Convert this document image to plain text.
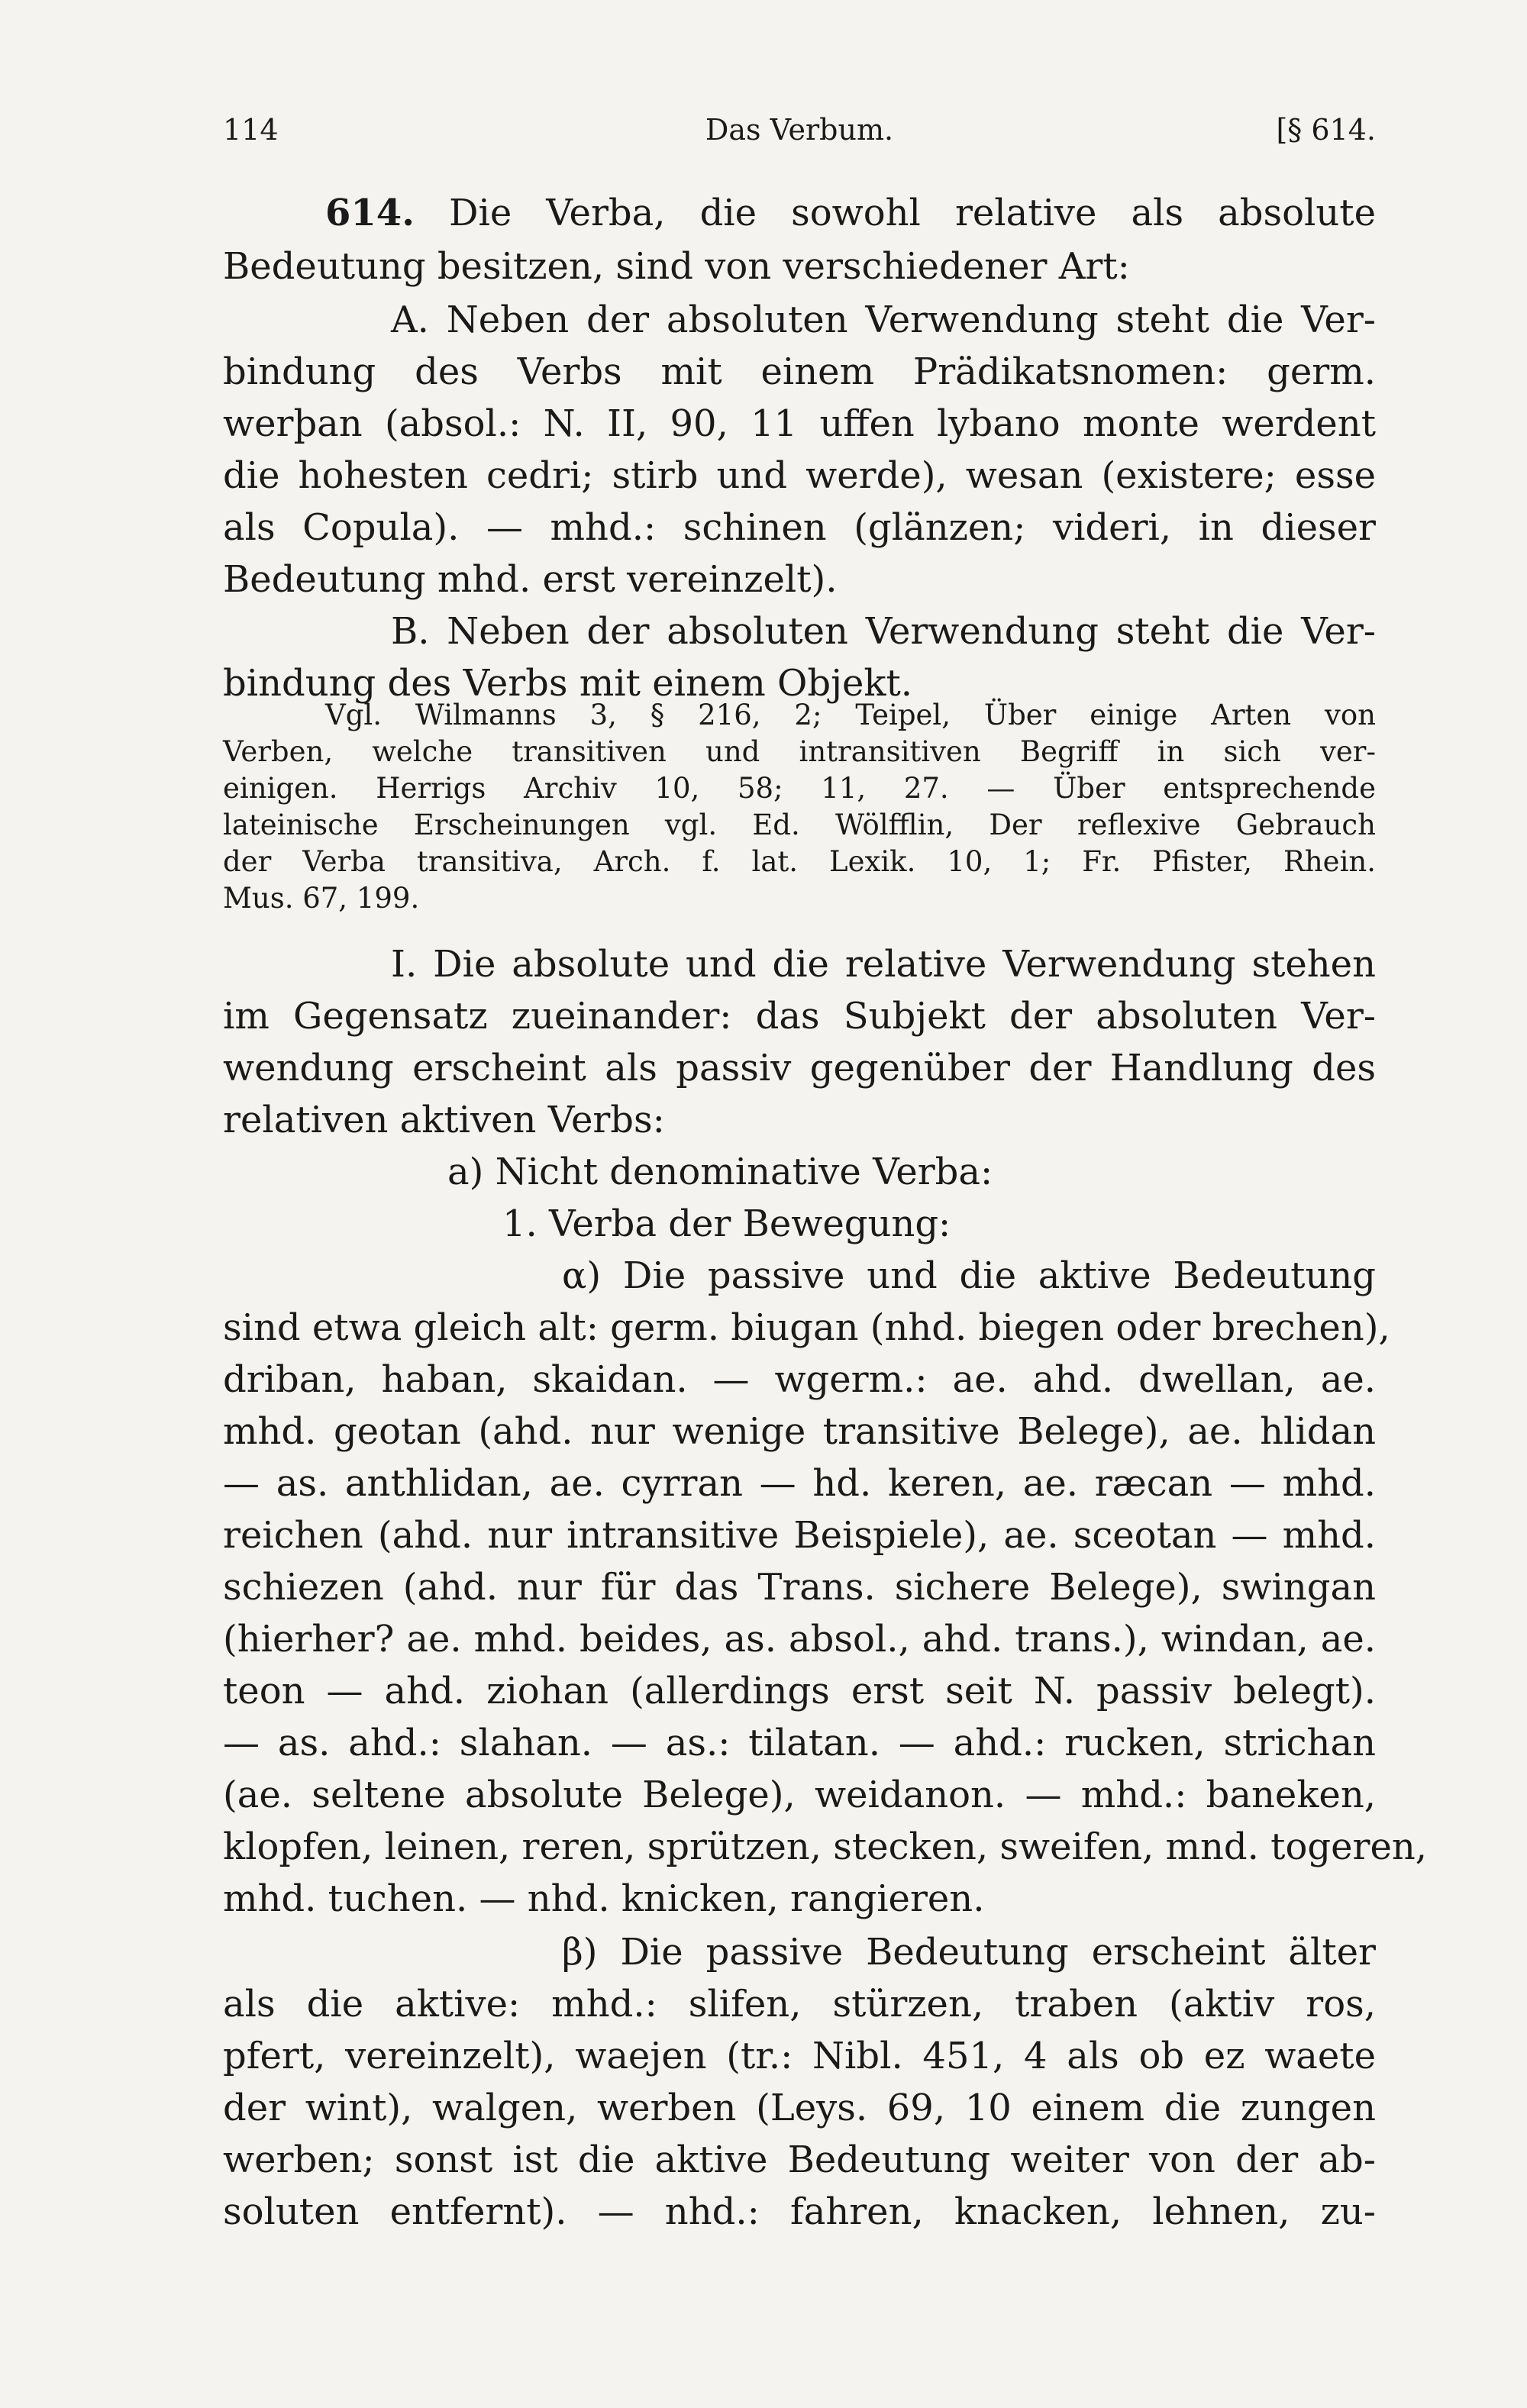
114	Das Verbum.	[§ 614.
614. Die Verba, die sowohl relative als absolute
Bedeutung besitzen, sind von verschiedener Art:
A. Neben der absoluten Verwendung steht die Ver-
bindung des Verbs mit einem Prädikatsnomen: germ.
werþan (absol.: N. II, 90, 11 uffen lybano monte werdent
die hohesten cedri; stirb und werde), wesan (existere; esse
als Copula). — mhd.: schinen (glänzen; videri, in dieser
Bedeutung mhd. erst vereinzelt).
B. Neben der absoluten Verwendung steht die Ver-
bindung des Verbs mit einem Objekt.
Vgl. Wilmanns 3, § 216, 2; Teipel, Über einige Arten von
Verben, welche transitiven und intransitiven Begriff in sich ver-
einigen. Herrigs Archiv 10, 58; 11, 27. — Über entsprechende
lateinische Erscheinungen vgl. Ed. Wölfflin, Der reflexive Gebrauch
der Verba transitiva, Arch. f. lat. Lexik. 10, 1; Fr. Pfister, Rhein.
Mus. 67, 199.
I. Die absolute und die relative Verwendung stehen
im Gegensatz zueinander: das Subjekt der absoluten Ver-
wendung erscheint als passiv gegenüber der Handlung des
relativen aktiven Verbs:
a) Nicht denominative Verba:
1. Verba der Bewegung:
α) Die passive und die aktive Bedeutung
sind etwa gleich alt: germ. biugan (nhd. biegen oder brechen),
driban, haban, skaidan. — wgerm.: ae. ahd. dwellan, ae.
mhd. geotan (ahd. nur wenige transitive Belege), ae. hlidan
— as. anthlidan, ae. cyrran — hd. keren, ae. ræcan — mhd.
reichen (ahd. nur intransitive Beispiele), ae. sceotan — mhd.
schiezen (ahd. nur für das Trans. sichere Belege), swingan
(hierher? ae. mhd. beides, as. absol., ahd. trans.), windan, ae.
teon — ahd. ziohan (allerdings erst seit N. passiv belegt).
— as. ahd.: slahan. — as.: tilatan. — ahd.: rucken, strichan
(ae. seltene absolute Belege), weidanon. — mhd.: baneken,
klopfen, leinen, reren, sprützen, stecken, sweifen, mnd. togeren,
mhd. tuchen. — nhd. knicken, rangieren.
β) Die passive Bedeutung erscheint älter
als die aktive: mhd.: slifen, stürzen, traben (aktiv ros,
pfert, vereinzelt), waejen (tr.: Nibl. 451, 4 als ob ez waete
der wint), walgen, werben (Leys. 69, 10 einem die zungen
werben; sonst ist die aktive Bedeutung weiter von der ab-
soluten entfernt). — nhd.: fahren, knacken, lehnen, zu-
